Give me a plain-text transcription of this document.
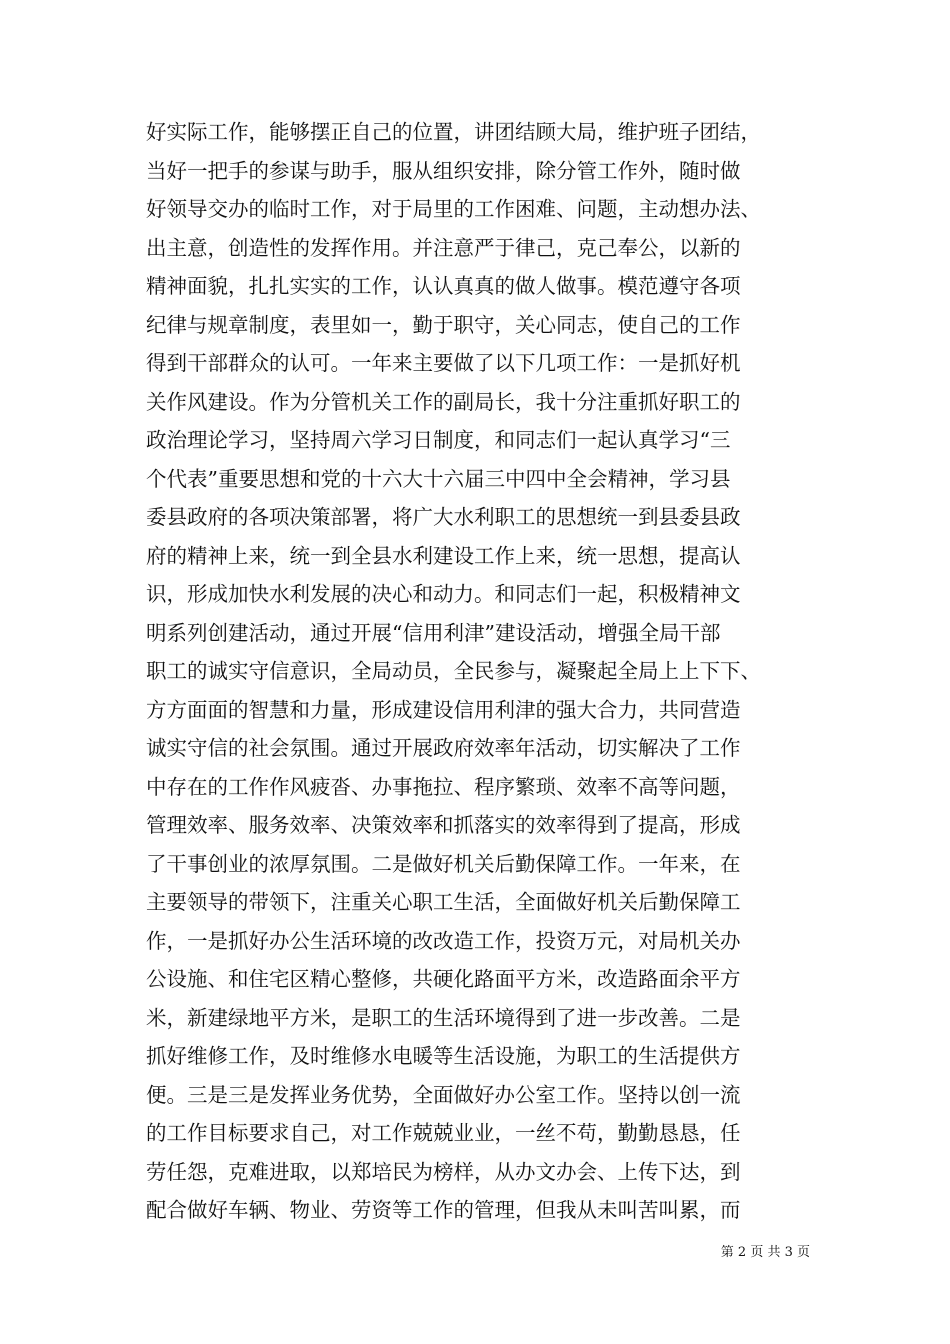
好实际工作，能够摆正自己的位置，讲团结顾大局，维护班子团结，
当好一把手的参谋与助手，服从组织安排，除分管工作外，随时做
好领导交办的临时工作，对于局里的工作困难、问题，主动想办法、
出主意，创造性的发挥作用。并注意严于律己，克己奉公，以新的
精神面貌，扎扎实实的工作，认认真真的做人做事。模范遵守各项
纪律与规章制度，表里如一，勤于职守，关心同志，使自己的工作
得到干部群众的认可。一年来主要做了以下几项工作：一是抓好机
关作风建设。作为分管机关工作的副局长，我十分注重抓好职工的
政治理论学习，坚持周六学习日制度，和同志们一起认真学习“三
个代表”重要思想和党的十六大十六届三中四中全会精神，学习县
委县政府的各项决策部署，将广大水利职工的思想统一到县委县政
府的精神上来，统一到全县水利建设工作上来，统一思想，提高认
识，形成加快水利发展的决心和动力。和同志们一起，积极精神文
明系列创建活动，通过开展“信用利津”建设活动，增强全局干部
职工的诚实守信意识，全局动员，全民参与，凝聚起全局上上下下、
方方面面的智慧和力量，形成建设信用利津的强大合力，共同营造
诚实守信的社会氛围。通过开展政府效率年活动，切实解决了工作
中存在的工作作风疲沓、办事拖拉、程序繁琐、效率不高等问题，
管理效率、服务效率、决策效率和抓落实的效率得到了提高，形成
了干事创业的浓厚氛围。二是做好机关后勤保障工作。一年来，在
主要领导的带领下，注重关心职工生活，全面做好机关后勤保障工
作，一是抓好办公生活环境的改改造工作，投资万元，对局机关办
公设施、和住宅区精心整修，共硬化路面平方米，改造路面余平方
米，新建绿地平方米，是职工的生活环境得到了进一步改善。二是
抓好维修工作，及时维修水电暖等生活设施，为职工的生活提供方
便。三是三是发挥业务优势，全面做好办公室工作。坚持以创一流
的工作目标要求自己，对工作兢兢业业，一丝不苟，勤勤恳恳，任
劳任怨，克难进取，以郑培民为榜样，从办文办会、上传下达，到
配合做好车辆、物业、劳资等工作的管理，但我从未叫苦叫累，而
第 2 页 共 3 页
